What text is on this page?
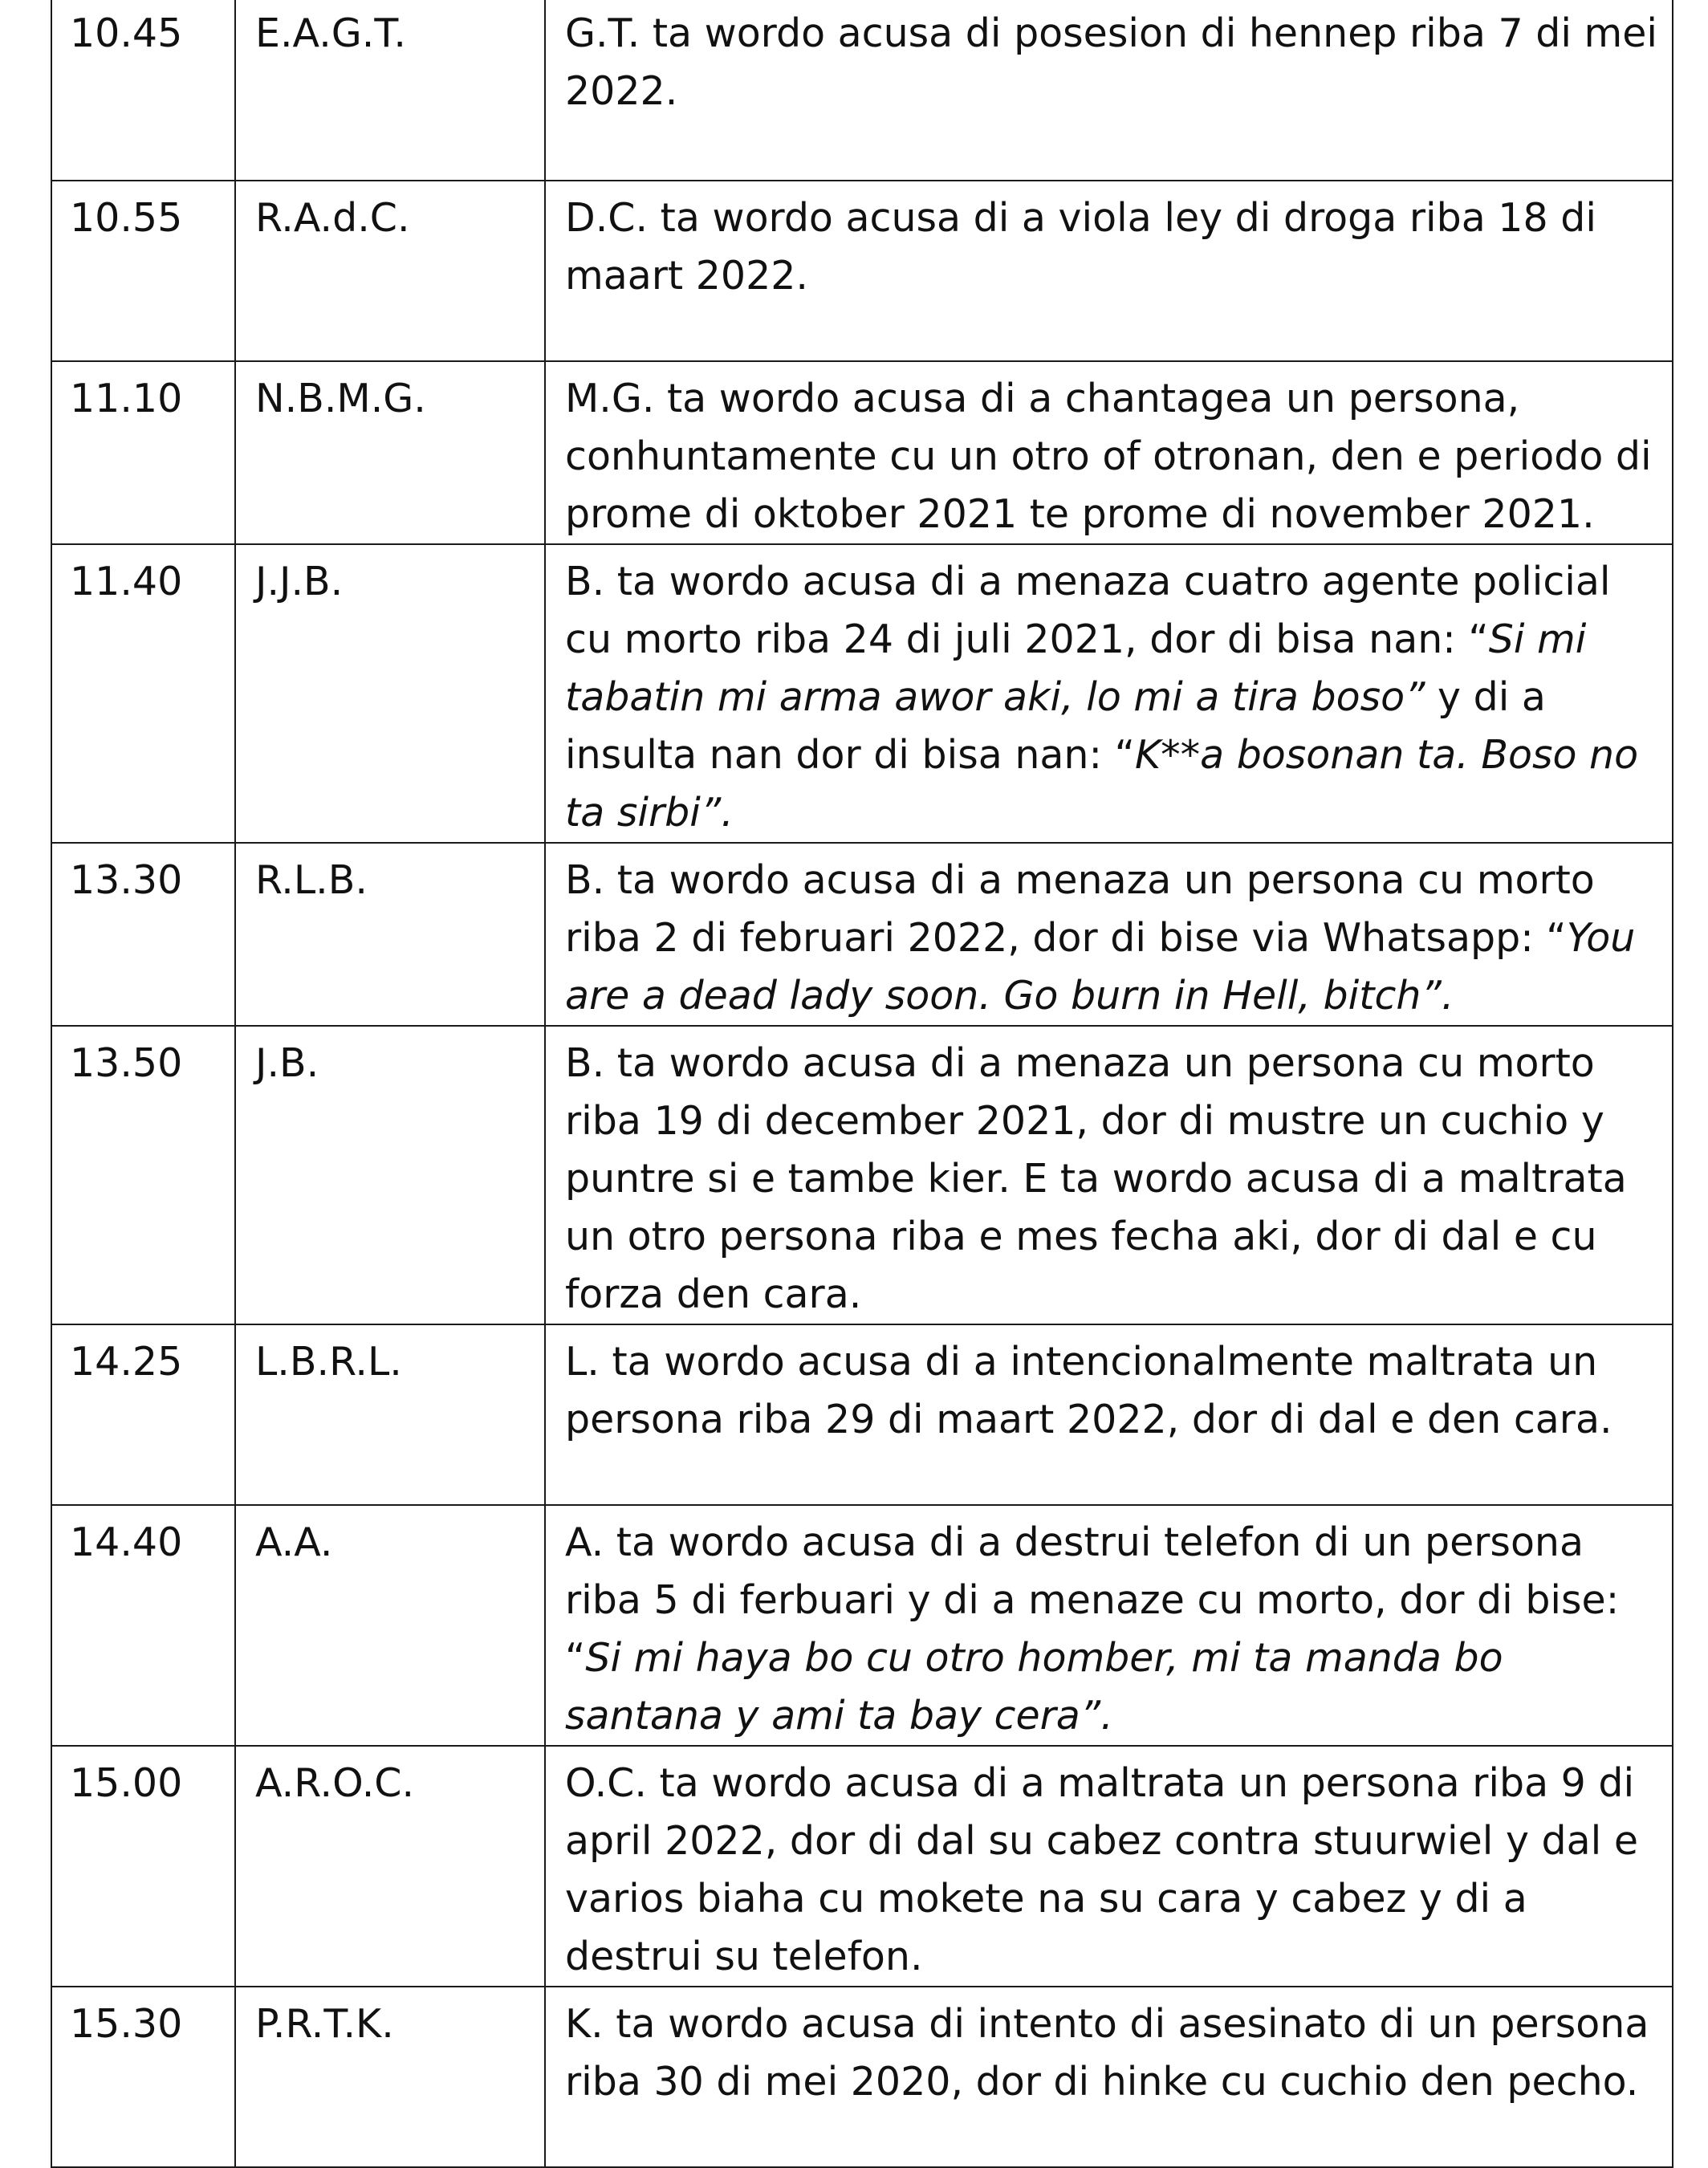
10.45	E.A.G.T.	G.T. ta wordo acusa di posesion di hennep riba 7 di mei 2022.
10.55	R.A.d.C.	D.C. ta wordo acusa di a viola ley di droga riba 18 di maart 2022.
11.10	N.B.M.G.	M.G. ta wordo acusa di a chantagea un persona, conhuntamente cu un otro of otronan, den e periodo di prome di oktober 2021 te prome di november 2021.
11.40	J.J.B.	B. ta wordo acusa di a menaza cuatro agente policial cu morto riba 24 di juli 2021, dor di bisa nan: “Si mi tabatin mi arma awor aki, lo mi a tira boso” y di a insulta nan dor di bisa nan: “K**a bosonan ta. Boso no ta sirbi”.
13.30	R.L.B.	B. ta wordo acusa di a menaza un persona cu morto riba 2 di februari 2022, dor di bise via Whatsapp: “You are a dead lady soon. Go burn in Hell, bitch”.
13.50	J.B.	B. ta wordo acusa di a menaza un persona cu morto riba 19 di december 2021, dor di mustre un cuchio y puntre si e tambe kier. E ta wordo acusa di a maltrata un otro persona riba e mes fecha aki, dor di dal e cu forza den cara.
14.25	L.B.R.L.	L. ta wordo acusa di a intencionalmente maltrata un persona riba 29 di maart 2022, dor di dal e den cara.
14.40	A.A.	A. ta wordo acusa di a destrui telefon di un persona riba 5 di ferbuari y di a menaze cu morto, dor di bise: “Si mi haya bo cu otro homber, mi ta manda bo santana y ami ta bay cera”.
15.00	A.R.O.C.	O.C. ta wordo acusa di a maltrata un persona riba 9 di april 2022, dor di dal su cabez contra stuurwiel y dal e varios biaha cu mokete na su cara y cabez y di a destrui su telefon.
15.30	P.R.T.K.	K. ta wordo acusa di intento di asesinato di un persona riba 30 di mei 2020, dor di hinke cu cuchio den pecho.
